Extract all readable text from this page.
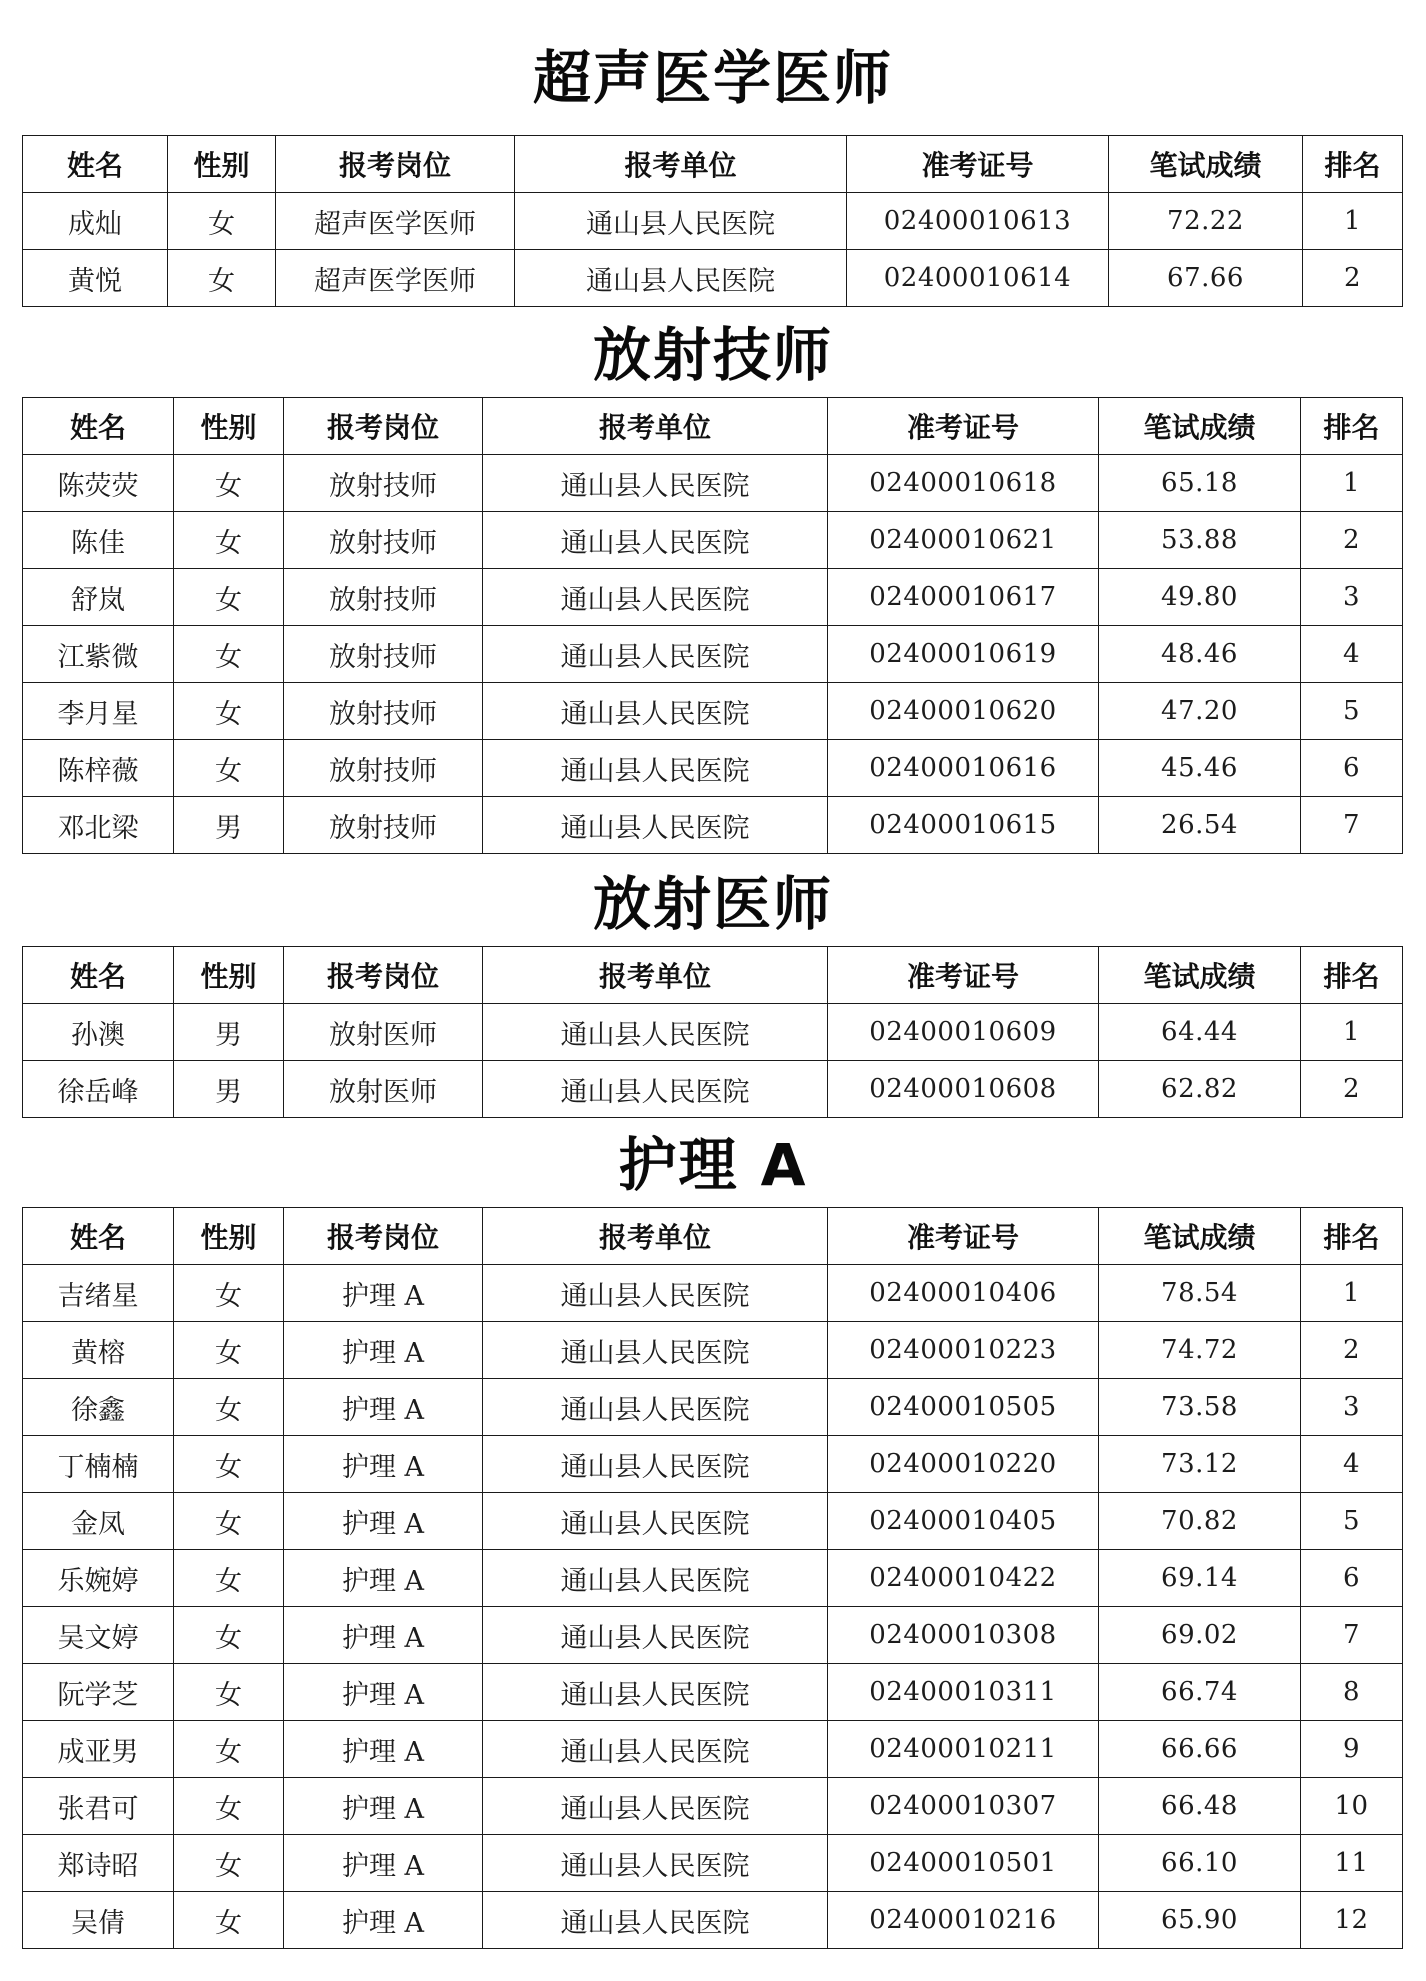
超声医学医师
姓名	性别	报考岗位	报考单位	准考证号	笔试成绩	排名
成灿	女	超声医学医师	通山县人民医院	02400010613	72.22	1
黄悦	女	超声医学医师	通山县人民医院	02400010614	67.66	2
放射技师
姓名	性别	报考岗位	报考单位	准考证号	笔试成绩	排名
陈荧荧	女	放射技师	通山县人民医院	02400010618	65.18	1
陈佳	女	放射技师	通山县人民医院	02400010621	53.88	2
舒岚	女	放射技师	通山县人民医院	02400010617	49.80	3
江紫微	女	放射技师	通山县人民医院	02400010619	48.46	4
李月星	女	放射技师	通山县人民医院	02400010620	47.20	5
陈梓薇	女	放射技师	通山县人民医院	02400010616	45.46	6
邓北梁	男	放射技师	通山县人民医院	02400010615	26.54	7
放射医师
姓名	性别	报考岗位	报考单位	准考证号	笔试成绩	排名
孙澳	男	放射医师	通山县人民医院	02400010609	64.44	1
徐岳峰	男	放射医师	通山县人民医院	02400010608	62.82	2
护理 A
姓名	性别	报考岗位	报考单位	准考证号	笔试成绩	排名
吉绪星	女	护理 A	通山县人民医院	02400010406	78.54	1
黄榕	女	护理 A	通山县人民医院	02400010223	74.72	2
徐鑫	女	护理 A	通山县人民医院	02400010505	73.58	3
丁楠楠	女	护理 A	通山县人民医院	02400010220	73.12	4
金凤	女	护理 A	通山县人民医院	02400010405	70.82	5
乐婉婷	女	护理 A	通山县人民医院	02400010422	69.14	6
吴文婷	女	护理 A	通山县人民医院	02400010308	69.02	7
阮学芝	女	护理 A	通山县人民医院	02400010311	66.74	8
成亚男	女	护理 A	通山县人民医院	02400010211	66.66	9
张君可	女	护理 A	通山县人民医院	02400010307	66.48	10
郑诗昭	女	护理 A	通山县人民医院	02400010501	66.10	11
吴倩	女	护理 A	通山县人民医院	02400010216	65.90	12
